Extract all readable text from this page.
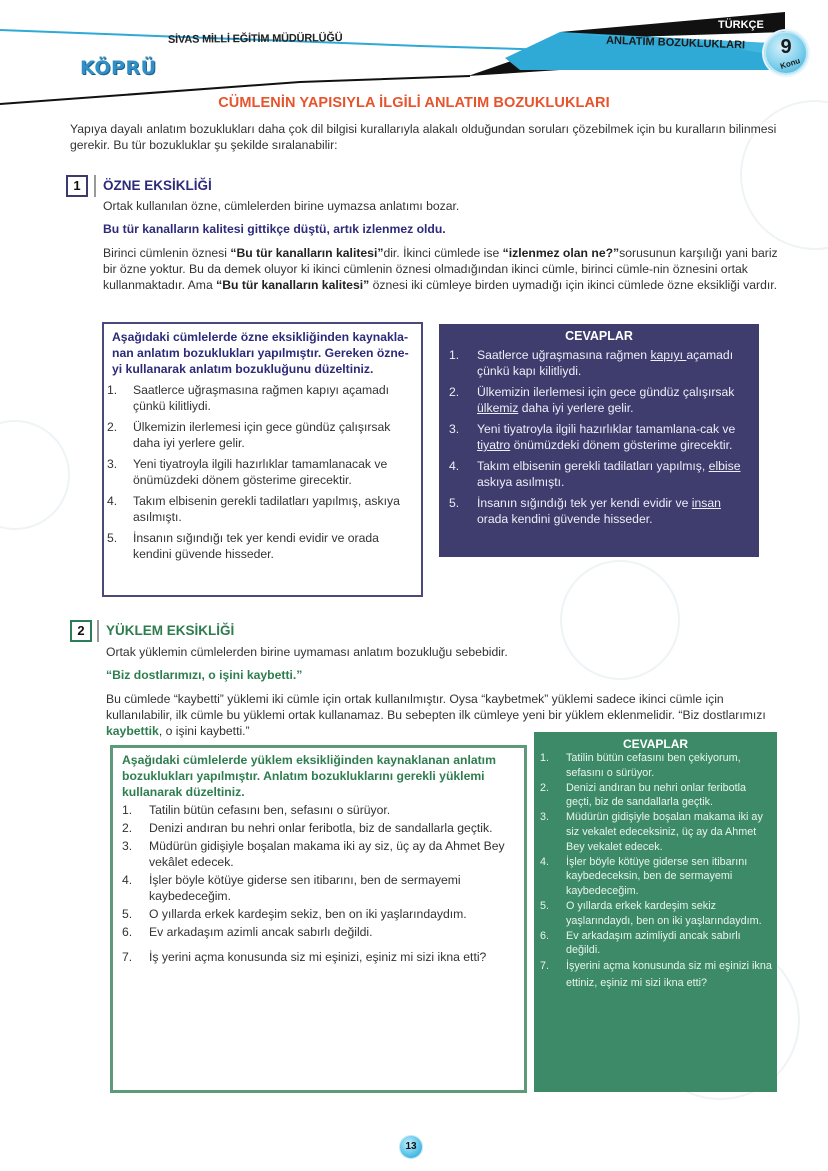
SİVAS MİLLİ EĞİTİM MÜDÜRLÜĞÜ
KÖPRÜ
TÜRKÇE
ANLATIM BOZUKLUKLARI	9
Konu
CÜMLENİN YAPISIYLA İLGİLİ ANLATIM BOZUKLUKLARI
Yapıya dayalı anlatım bozuklukları daha çok dil bilgisi kurallarıyla alakalı olduğundan soruları çözebilmek için bu kuralların bilinmesi gerekir. Bu tür bozukluklar şu şekilde sıralanabilir:
1	ÖZNE EKSİKLİĞİ
Ortak kullanılan özne, cümlelerden birine uymazsa anlatımı bozar.
Bu tür kanalların kalitesi gittikçe düştü, artık izlenmez oldu.
Birinci cümlenin öznesi “Bu tür kanalların kalitesi”dir. İkinci cümlede ise “izlenmez olan ne?”sorusunun karşılığı yani bariz bir özne yoktur. Bu da demek oluyor ki ikinci cümlenin öznesi olmadığından ikinci cümle, birinci cümle-nin öznesini ortak kullanmaktadır. Ama “Bu tür kanalların kalitesi” öznesi iki cümleye birden uymadığı için ikinci cümlede özne eksikliği vardır.
Aşağıdaki cümlelerde özne eksikliğinden kaynakla-nan anlatım bozuklukları yapılmıştır. Gereken özne-yi kullanarak anlatım bozukluğunu düzeltiniz.
1.	Saatlerce uğraşmasına rağmen kapıyı açamadı çünkü kilitliydi.
2.	Ülkemizin ilerlemesi için gece gündüz çalışırsak daha iyi yerlere gelir.
3.	Yeni tiyatroyla ilgili hazırlıklar tamamlanacak ve önümüzdeki dönem gösterime girecektir.
4.	Takım elbisenin gerekli tadilatları yapılmış, askıya asılmıştı.
5.	İnsanın sığındığı tek yer kendi evidir ve orada kendini güvende hisseder.
CEVAPLAR
1.	Saatlerce uğraşmasına rağmen kapıyı açamadı çünkü kapı kilitliydi.
2.	Ülkemizin ilerlemesi için gece gündüz çalışırsak ülkemiz daha iyi yerlere gelir.
3.	Yeni tiyatroyla ilgili hazırlıklar tamamlana-cak ve tiyatro önümüzdeki dönem gösterime girecektir.
4.	Takım elbisenin gerekli tadilatları yapılmış, elbise askıya asılmıştı.
5.	İnsanın sığındığı tek yer kendi evidir ve insan orada kendini güvende hisseder.
2	YÜKLEM EKSİKLİĞİ
Ortak yüklemin cümlelerden birine uymaması anlatım bozukluğu sebebidir.
“Biz dostlarımızı, o işini kaybetti.”
Bu cümlede “kaybetti” yüklemi iki cümle için ortak kullanılmıştır. Oysa “kaybetmek” yüklemi sadece ikinci cümle için kullanılabilir, ilk cümle bu yüklemi ortak kullanamaz. Bu sebepten ilk cümleye yeni bir yüklem eklenmelidir. “Biz dostlarımızı kaybettik, o işini kaybetti.”
Aşağıdaki cümlelerde yüklem eksikliğinden kaynaklanan anlatım bozuklukları yapılmıştır. Anlatım bozukluklarını gerekli yüklemi kullanarak düzeltiniz.
1.	Tatilin bütün cefasını ben, sefasını o sürüyor.
2.	Denizi andıran bu nehri onlar feribotla, biz de sandallarla geçtik.
3.	Müdürün gidişiyle boşalan makama iki ay siz, üç ay da Ahmet Bey vekâlet edecek.
4.	İşler böyle kötüye giderse sen itibarını, ben de sermayemi kaybedeceğim.
5.	O yıllarda erkek kardeşim sekiz, ben on iki yaşlarındaydım.
6.	Ev arkadaşım azimli ancak sabırlı değildi.
7.	İş yerini açma konusunda siz mi eşinizi, eşiniz mi sizi ikna etti?
CEVAPLAR
1.	Tatilin bütün cefasını ben çekiyorum, sefasını o sürüyor.
2.	Denizi andıran bu nehri onlar feribotla geçti, biz de sandallarla geçtik.
3.	Müdürün gidişiyle boşalan makama iki ay siz vekalet edeceksiniz, üç ay da Ahmet Bey vekalet edecek.
4.	İşler böyle kötüye giderse sen itibarını kaybedeceksin, ben de sermayemi kaybedeceğim.
5.	O yıllarda erkek kardeşim sekiz yaşlarındaydı, ben on iki yaşlarındaydım.
6.	Ev arkadaşım azimliydi ancak sabırlı değildi.
7.	İşyerini açma konusunda siz mi eşinizi ikna ettiniz, eşiniz mi sizi ikna etti?
13
